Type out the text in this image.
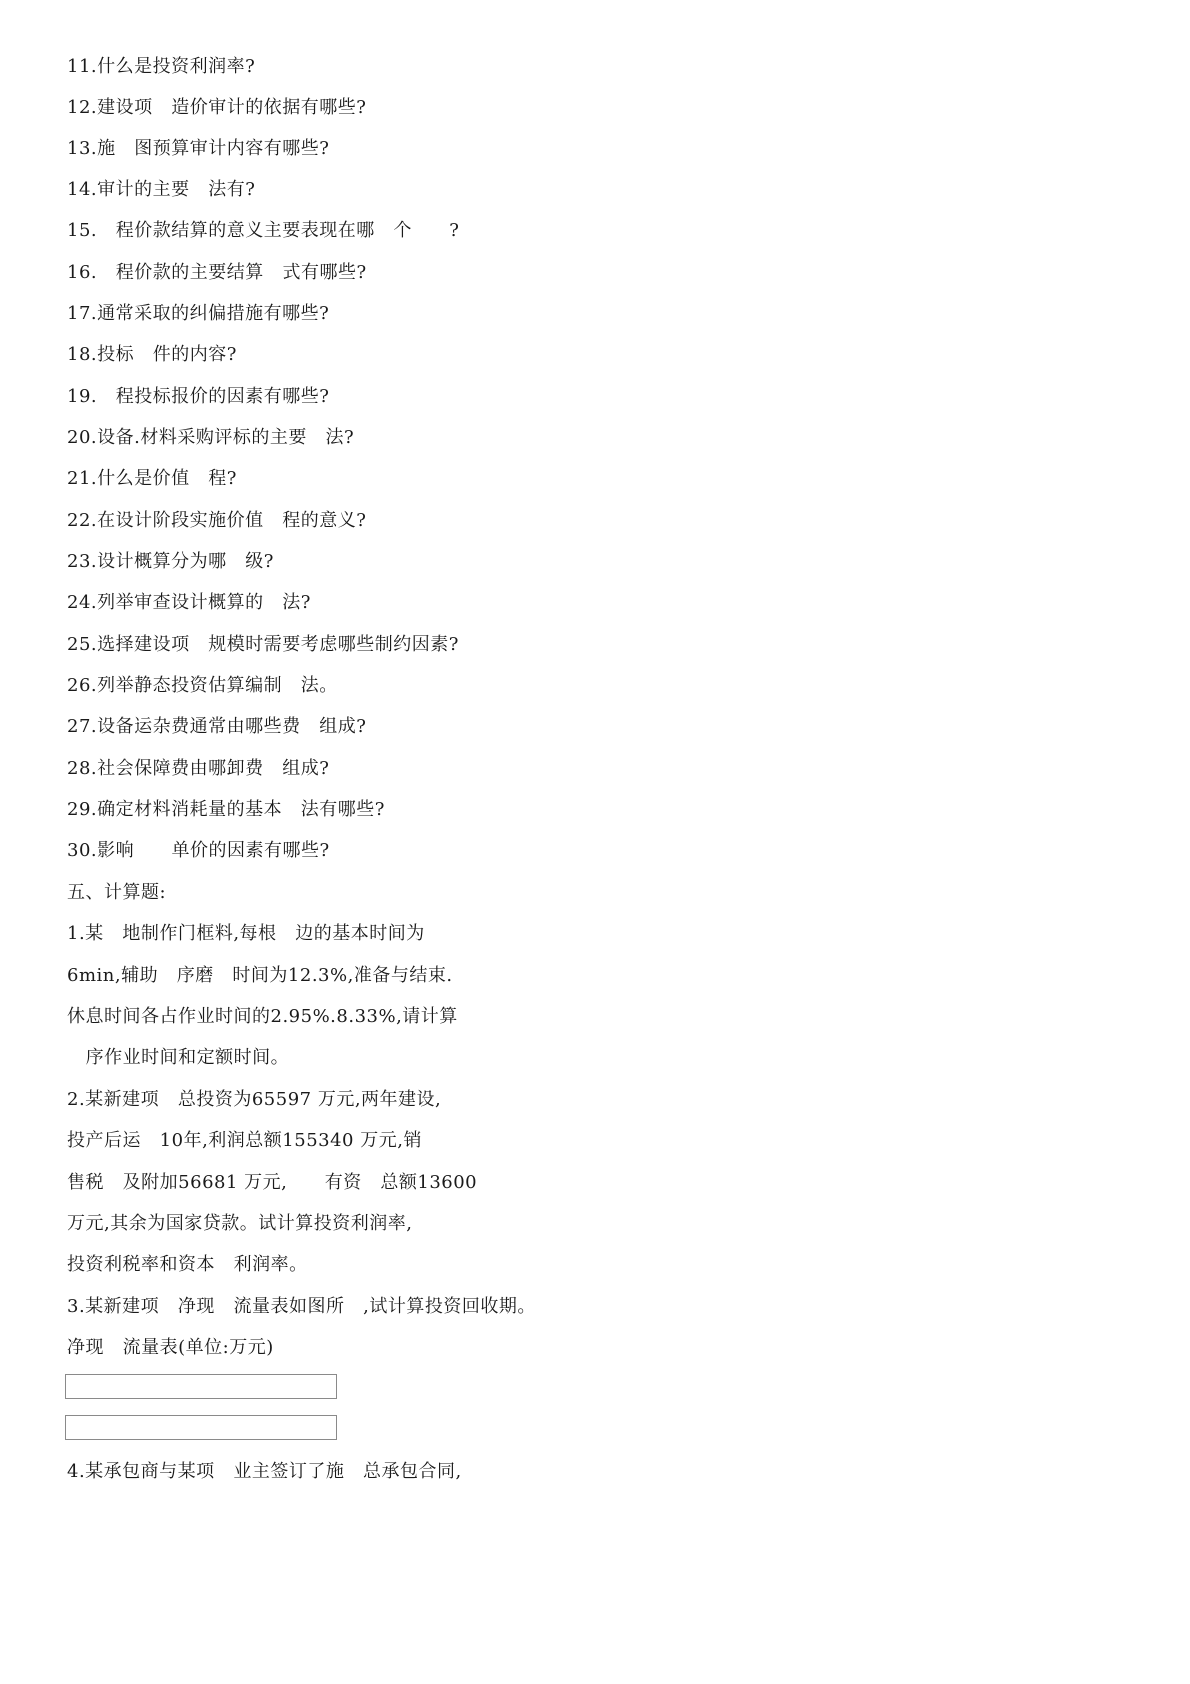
11.什么是投资利润率?
12.建设项   造价审计的依据有哪些?
13.施   图预算审计内容有哪些?
14.审计的主要   法有?
15.   程价款结算的意义主要表现在哪   个      ?
16.   程价款的主要结算   式有哪些?
17.通常采取的纠偏措施有哪些?
18.投标   件的内容?
19.   程投标报价的因素有哪些?
20.设备.材料采购评标的主要   法?
21.什么是价值   程?
22.在设计阶段实施价值   程的意义?
23.设计概算分为哪   级?
24.列举审查设计概算的   法?
25.选择建设项   规模时需要考虑哪些制约因素?
26.列举静态投资估算编制   法。
27.设备运杂费通常由哪些费   组成?
28.社会保障费由哪卸费   组成?
29.确定材料消耗量的基本   法有哪些?
30.影响      单价的因素有哪些?
五、计算题:
1.某   地制作门框料,每根   边的基本时间为
6min,辅助   序磨   时间为12.3%,准备与结束.
休息时间各占作业时间的2.95%.8.33%,请计算
序作业时间和定额时间。
2.某新建项   总投资为65597 万元,两年建设,
投产后运   10年,利润总额155340 万元,销
售税   及附加56681 万元,      有资   总额13600
万元,其余为国家贷款。试计算投资利润率,
投资利税率和资本   利润率。
3.某新建项   净现   流量表如图所   ,试计算投资回收期。
净现   流量表(单位:万元)
4.某承包商与某项   业主签订了施   总承包合同,
